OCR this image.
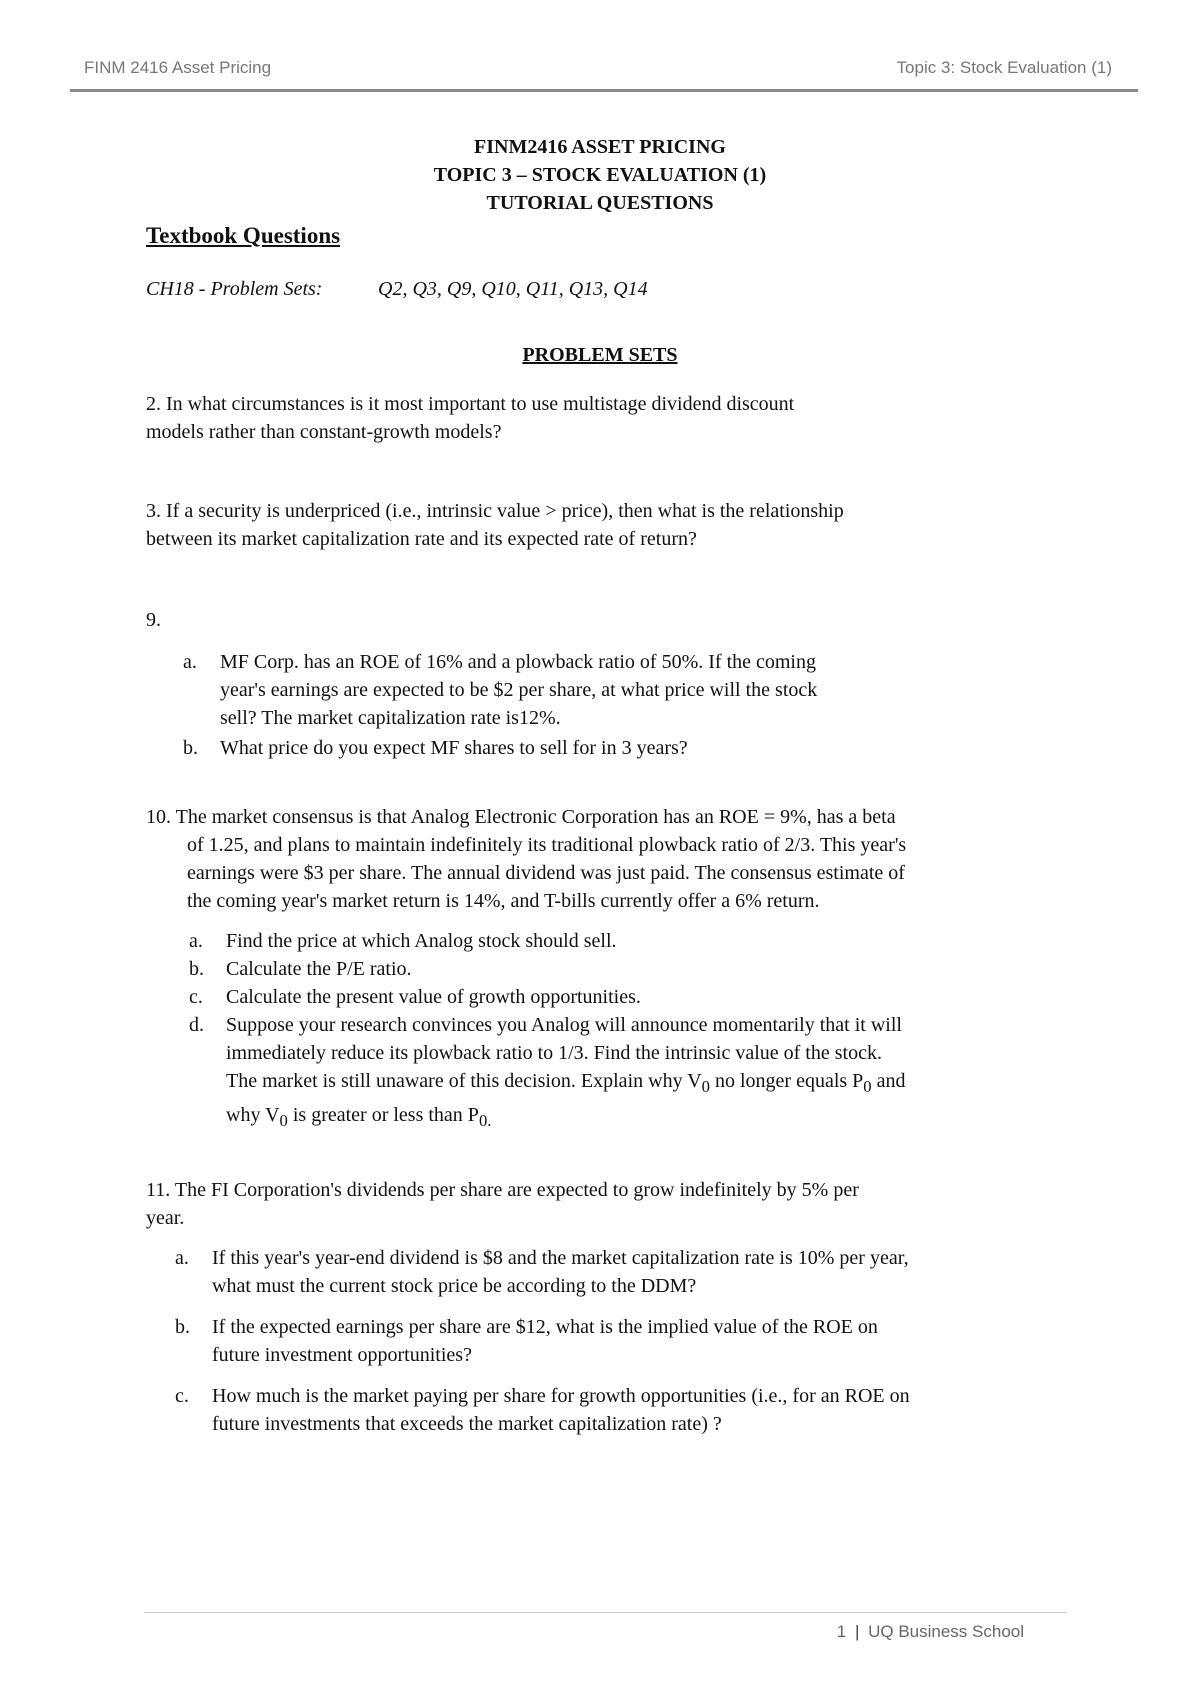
FINM 2416 Asset Pricing	Topic 3: Stock Evaluation (1)
FINM2416 ASSET PRICING
TOPIC 3 – STOCK EVALUATION (1)
TUTORIAL QUESTIONS
Textbook Questions
CH18 - Problem Sets:	Q2, Q3, Q9, Q10, Q11, Q13, Q14
PROBLEM SETS
2. In what circumstances is it most important to use multistage dividend discount
models rather than constant-growth models?
3. If a security is underpriced (i.e., intrinsic value > price), then what is the relationship
between its market capitalization rate and its expected rate of return?
9.
a. MF Corp. has an ROE of 16% and a plowback ratio of 50%. If the coming
year's earnings are expected to be $2 per share, at what price will the stock
sell? The market capitalization rate is12%.
b. What price do you expect MF shares to sell for in 3 years?
10. The market consensus is that Analog Electronic Corporation has an ROE = 9%, has a beta
of 1.25, and plans to maintain indefinitely its traditional plowback ratio of 2/3. This year's
earnings were $3 per share. The annual dividend was just paid. The consensus estimate of
the coming year's market return is 14%, and T-bills currently offer a 6% return.
a. Find the price at which Analog stock should sell.
b. Calculate the P/E ratio.
c. Calculate the present value of growth opportunities.
d. Suppose your research convinces you Analog will announce momentarily that it will
immediately reduce its plowback ratio to 1/3. Find the intrinsic value of the stock.
The market is still unaware of this decision. Explain why $V_0$ no longer equals $P_0$ and
why $V_0$ is greater or less than $P_{0.}$
11. The FI Corporation's dividends per share are expected to grow indefinitely by 5% per
year.
a. If this year's year-end dividend is $8 and the market capitalization rate is 10% per year,
what must the current stock price be according to the DDM?
b. If the expected earnings per share are $12, what is the implied value of the ROE on
future investment opportunities?
c. How much is the market paying per share for growth opportunities (i.e., for an ROE on
future investments that exceeds the market capitalization rate) ?
1 | UQ Business School
